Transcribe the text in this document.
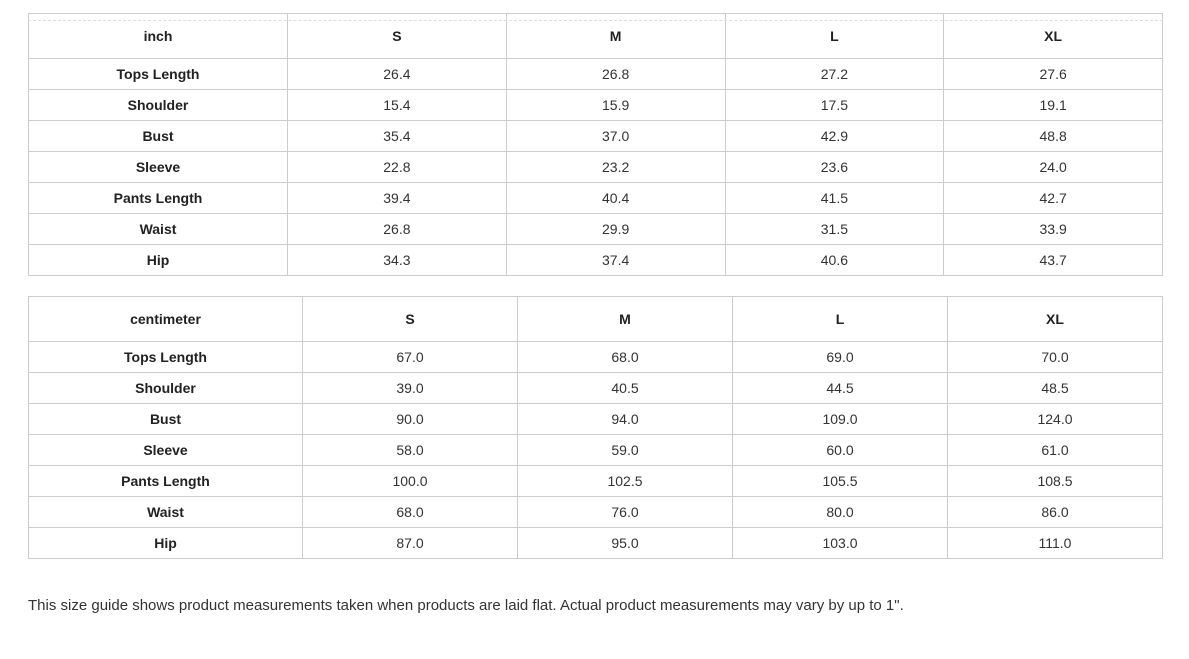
inch	S	M	L	XL
Tops Length	26.4	26.8	27.2	27.6
Shoulder	15.4	15.9	17.5	19.1
Bust	35.4	37.0	42.9	48.8
Sleeve	22.8	23.2	23.6	24.0
Pants Length	39.4	40.4	41.5	42.7
Waist	26.8	29.9	31.5	33.9
Hip	34.3	37.4	40.6	43.7
centimeter	S	M	L	XL
Tops Length	67.0	68.0	69.0	70.0
Shoulder	39.0	40.5	44.5	48.5
Bust	90.0	94.0	109.0	124.0
Sleeve	58.0	59.0	60.0	61.0
Pants Length	100.0	102.5	105.5	108.5
Waist	68.0	76.0	80.0	86.0
Hip	87.0	95.0	103.0	111.0

This size guide shows product measurements taken when products are laid flat. Actual product measurements may vary by up to 1".
